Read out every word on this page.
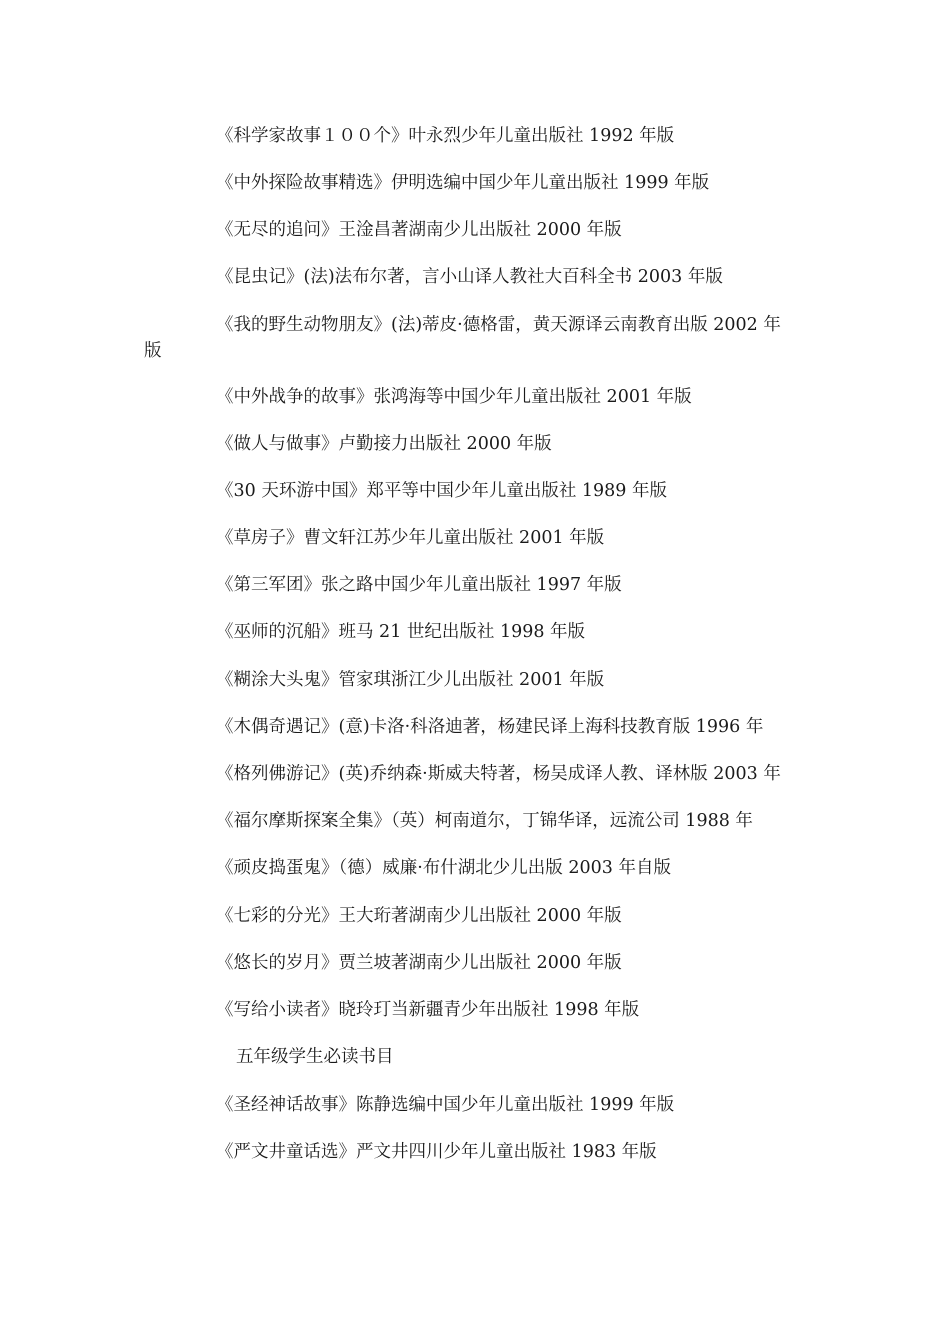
《科学家故事１００个》叶永烈少年儿童出版社 1992 年版
《中外探险故事精选》伊明选编中国少年儿童出版社 1999 年版
《无尽的追问》王淦昌著湖南少儿出版社 2000 年版
《昆虫记》(法)法布尔著，言小山译人教社大百科全书 2003 年版
《我的野生动物朋友》(法)蒂皮·德格雷，黄天源译云南教育出版 2002 年
版
《中外战争的故事》张鸿海等中国少年儿童出版社 2001 年版
《做人与做事》卢勤接力出版社 2000 年版
《30 天环游中国》郑平等中国少年儿童出版社 1989 年版
《草房子》曹文轩江苏少年儿童出版社 2001 年版
《第三军团》张之路中国少年儿童出版社 1997 年版
《巫师的沉船》班马 21 世纪出版社 1998 年版
《糊涂大头鬼》管家琪浙江少儿出版社 2001 年版
《木偶奇遇记》(意)卡洛·科洛迪著，杨建民译上海科技教育版 1996 年
《格列佛游记》(英)乔纳森·斯威夫特著，杨吴成译人教、译林版 2003 年
《福尔摩斯探案全集》（英）柯南道尔，丁锦华译，远流公司 1988 年
《顽皮捣蛋鬼》（德）威廉·布什湖北少儿出版 2003 年自版
《七彩的分光》王大珩著湖南少儿出版社 2000 年版
《悠长的岁月》贾兰坡著湖南少儿出版社 2000 年版
《写给小读者》晓玲玎当新疆青少年出版社 1998 年版
五年级学生必读书目
《圣经神话故事》陈静选编中国少年儿童出版社 1999 年版
《严文井童话选》严文井四川少年儿童出版社 1983 年版
